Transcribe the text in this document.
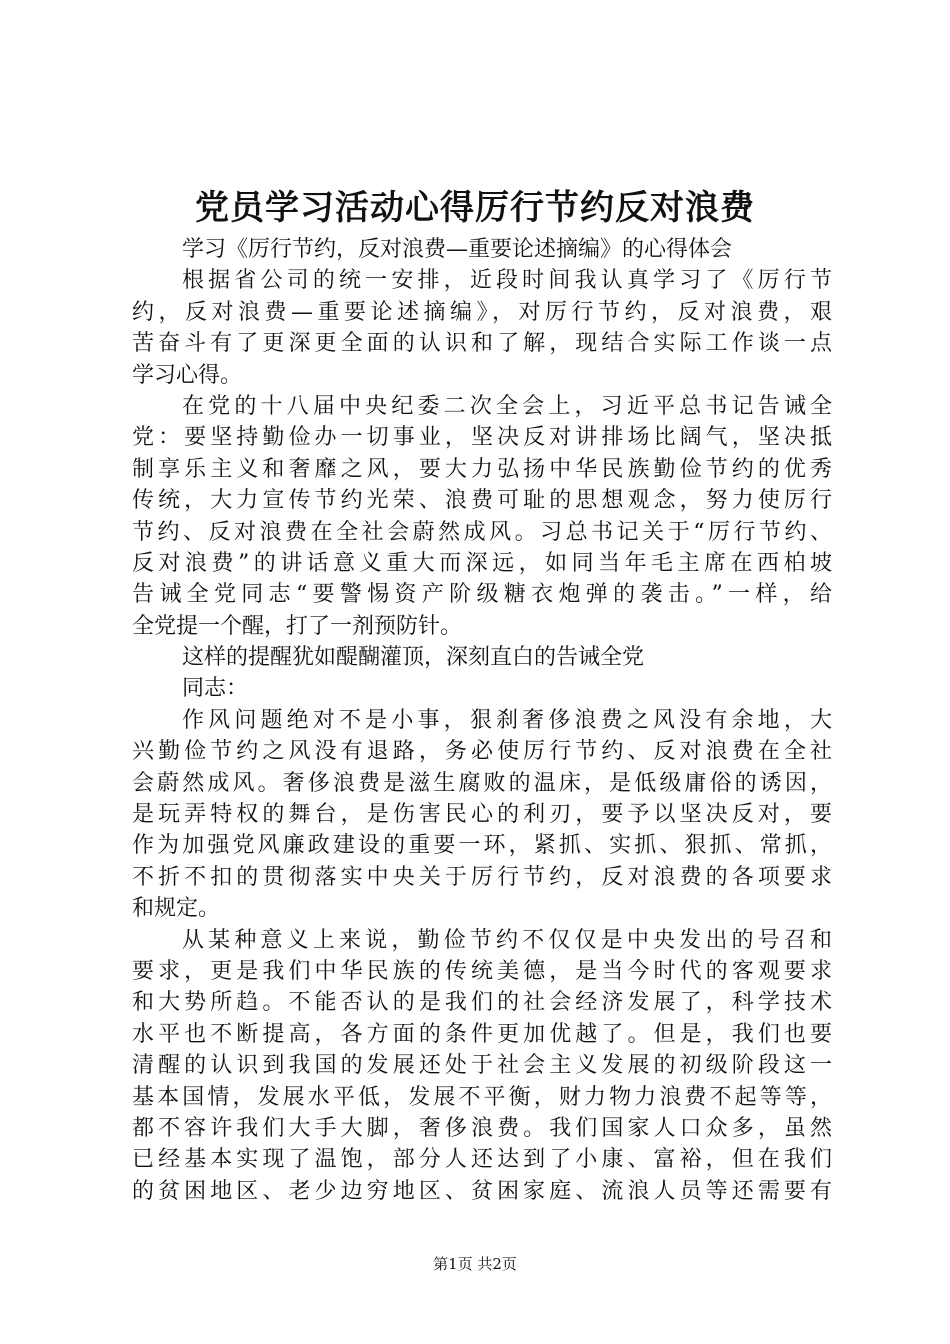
党员学习活动心得厉行节约反对浪费
学习《厉行节约，反对浪费—重要论述摘编》的心得体会
根据省公司的统一安排，近段时间我认真学习了《厉行节
约，反对浪费—重要论述摘编》，对厉行节约，反对浪费，艰
苦奋斗有了更深更全面的认识和了解，现结合实际工作谈一点
学习心得。
在党的十八届中央纪委二次全会上，习近平总书记告诫全
党：要坚持勤俭办一切事业，坚决反对讲排场比阔气，坚决抵
制享乐主义和奢靡之风，要大力弘扬中华民族勤俭节约的优秀
传统，大力宣传节约光荣、浪费可耻的思想观念，努力使厉行
节约、反对浪费在全社会蔚然成风。习总书记关于“厉行节约、
反对浪费”的讲话意义重大而深远，如同当年毛主席在西柏坡
告诫全党同志“要警惕资产阶级糖衣炮弹的袭击。”一样，给
全党提一个醒，打了一剂预防针。
这样的提醒犹如醍醐灌顶，深刻直白的告诫全党
同志：
作风问题绝对不是小事，狠刹奢侈浪费之风没有余地，大
兴勤俭节约之风没有退路，务必使厉行节约、反对浪费在全社
会蔚然成风。奢侈浪费是滋生腐败的温床，是低级庸俗的诱因，
是玩弄特权的舞台，是伤害民心的利刃，要予以坚决反对，要
作为加强党风廉政建设的重要一环，紧抓、实抓、狠抓、常抓，
不折不扣的贯彻落实中央关于厉行节约，反对浪费的各项要求
和规定。
从某种意义上来说，勤俭节约不仅仅是中央发出的号召和
要求，更是我们中华民族的传统美德，是当今时代的客观要求
和大势所趋。不能否认的是我们的社会经济发展了，科学技术
水平也不断提高，各方面的条件更加优越了。但是，我们也要
清醒的认识到我国的发展还处于社会主义发展的初级阶段这一
基本国情，发展水平低，发展不平衡，财力物力浪费不起等等，
都不容许我们大手大脚，奢侈浪费。我们国家人口众多，虽然
已经基本实现了温饱，部分人还达到了小康、富裕，但在我们
的贫困地区、老少边穷地区、贫困家庭、流浪人员等还需要有
第1页 共2页
